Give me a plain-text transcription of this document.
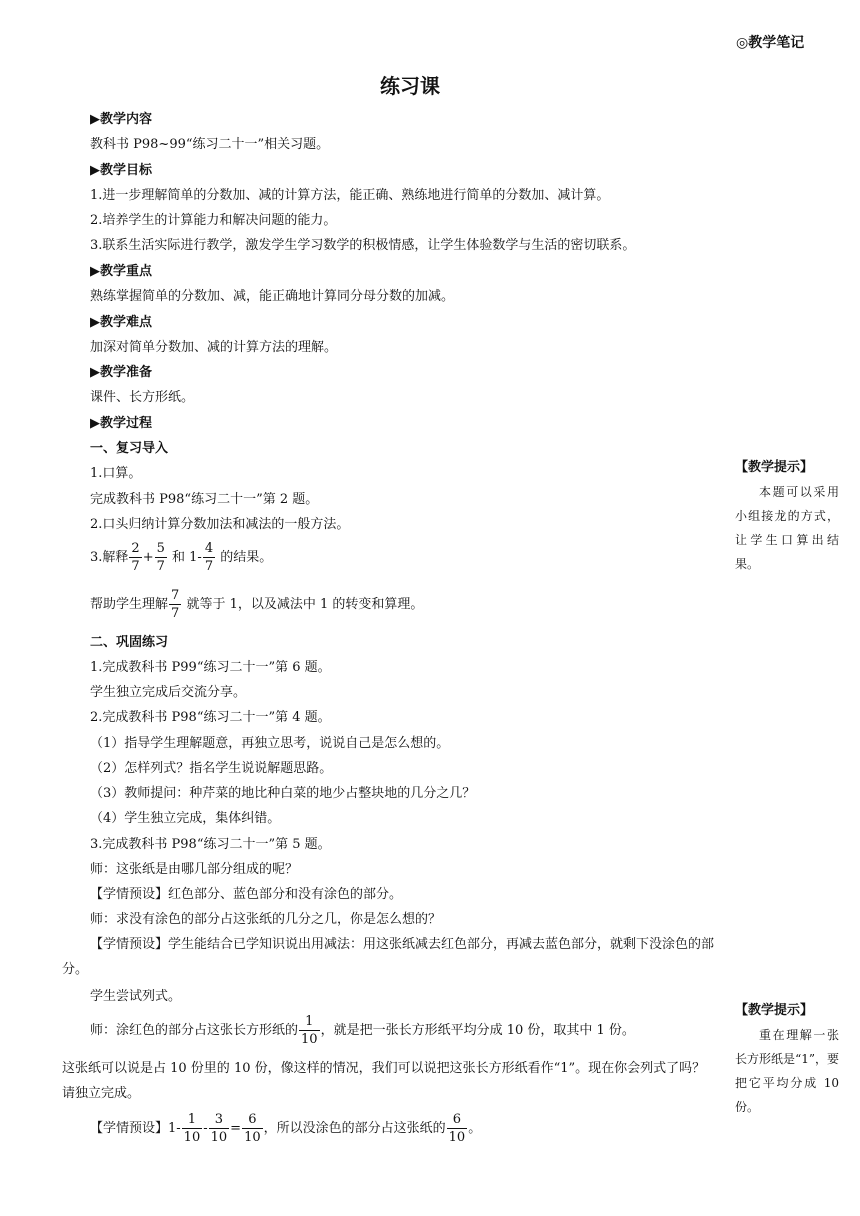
◎教学笔记
练习课
▶教学内容
教科书 P98~99“练习二十一”相关习题。
▶教学目标
1.进一步理解简单的分数加、减的计算方法，能正确、熟练地进行简单的分数加、减计算。
2.培养学生的计算能力和解决问题的能力。
3.联系生活实际进行教学，激发学生学习数学的积极情感，让学生体验数学与生活的密切联系。
▶教学重点
熟练掌握简单的分数加、减，能正确地计算同分母分数的加减。
▶教学难点
加深对简单分数加、减的计算方法的理解。
▶教学准备
课件、长方形纸。
▶教学过程
一、复习导入
1.口算。
完成教科书 P98“练习二十一”第 2 题。
2.口头归纳计算分数加法和减法的一般方法。
3.解释 $\frac{2}{7} + \frac{5}{7}$ 和 $1- \frac{4}{7}$ 的结果。
帮助学生理解 $\frac{7}{7}$ 就等于 1，以及减法中 1 的转变和算理。
二、巩固练习
1.完成教科书 P99“练习二十一”第 6 题。
学生独立完成后交流分享。
2.完成教科书 P98“练习二十一”第 4 题。
（1）指导学生理解题意，再独立思考，说说自己是怎么想的。
（2）怎样列式？指名学生说说解题思路。
（3）教师提问：种芹菜的地比种白菜的地少占整块地的几分之几？
（4）学生独立完成，集体纠错。
3.完成教科书 P98“练习二十一”第 5 题。
师：这张纸是由哪几部分组成的呢？
【学情预设】红色部分、蓝色部分和没有涂色的部分。
师：求没有涂色的部分占这张纸的几分之几，你是怎么想的？
【学情预设】学生能结合已学知识说出用减法：用这张纸减去红色部分，再减去蓝色部分，就剩下没涂色的部分。
学生尝试列式。
师：涂红色的部分占这张长方形纸的 $\frac{1}{10}$ ，就是把一张长方形纸平均分成 10 份，取其中 1 份。
这张纸可以说是占 10 份里的 10 份，像这样的情况，我们可以说把这张长方形纸看作“1”。现在你会列式了吗？请独立完成。
【学情预设】$1- \frac{1}{10} - \frac{3}{10} = \frac{6}{10}$ ，所以没涂色的部分占这张纸的 $\frac{6}{10}$ 。
【教学提示】
本题可以采用小组接龙的方式，让学生口算出结果。
【教学提示】
重在理解一张长方形纸是“1”，要把它平均分成 10 份。
